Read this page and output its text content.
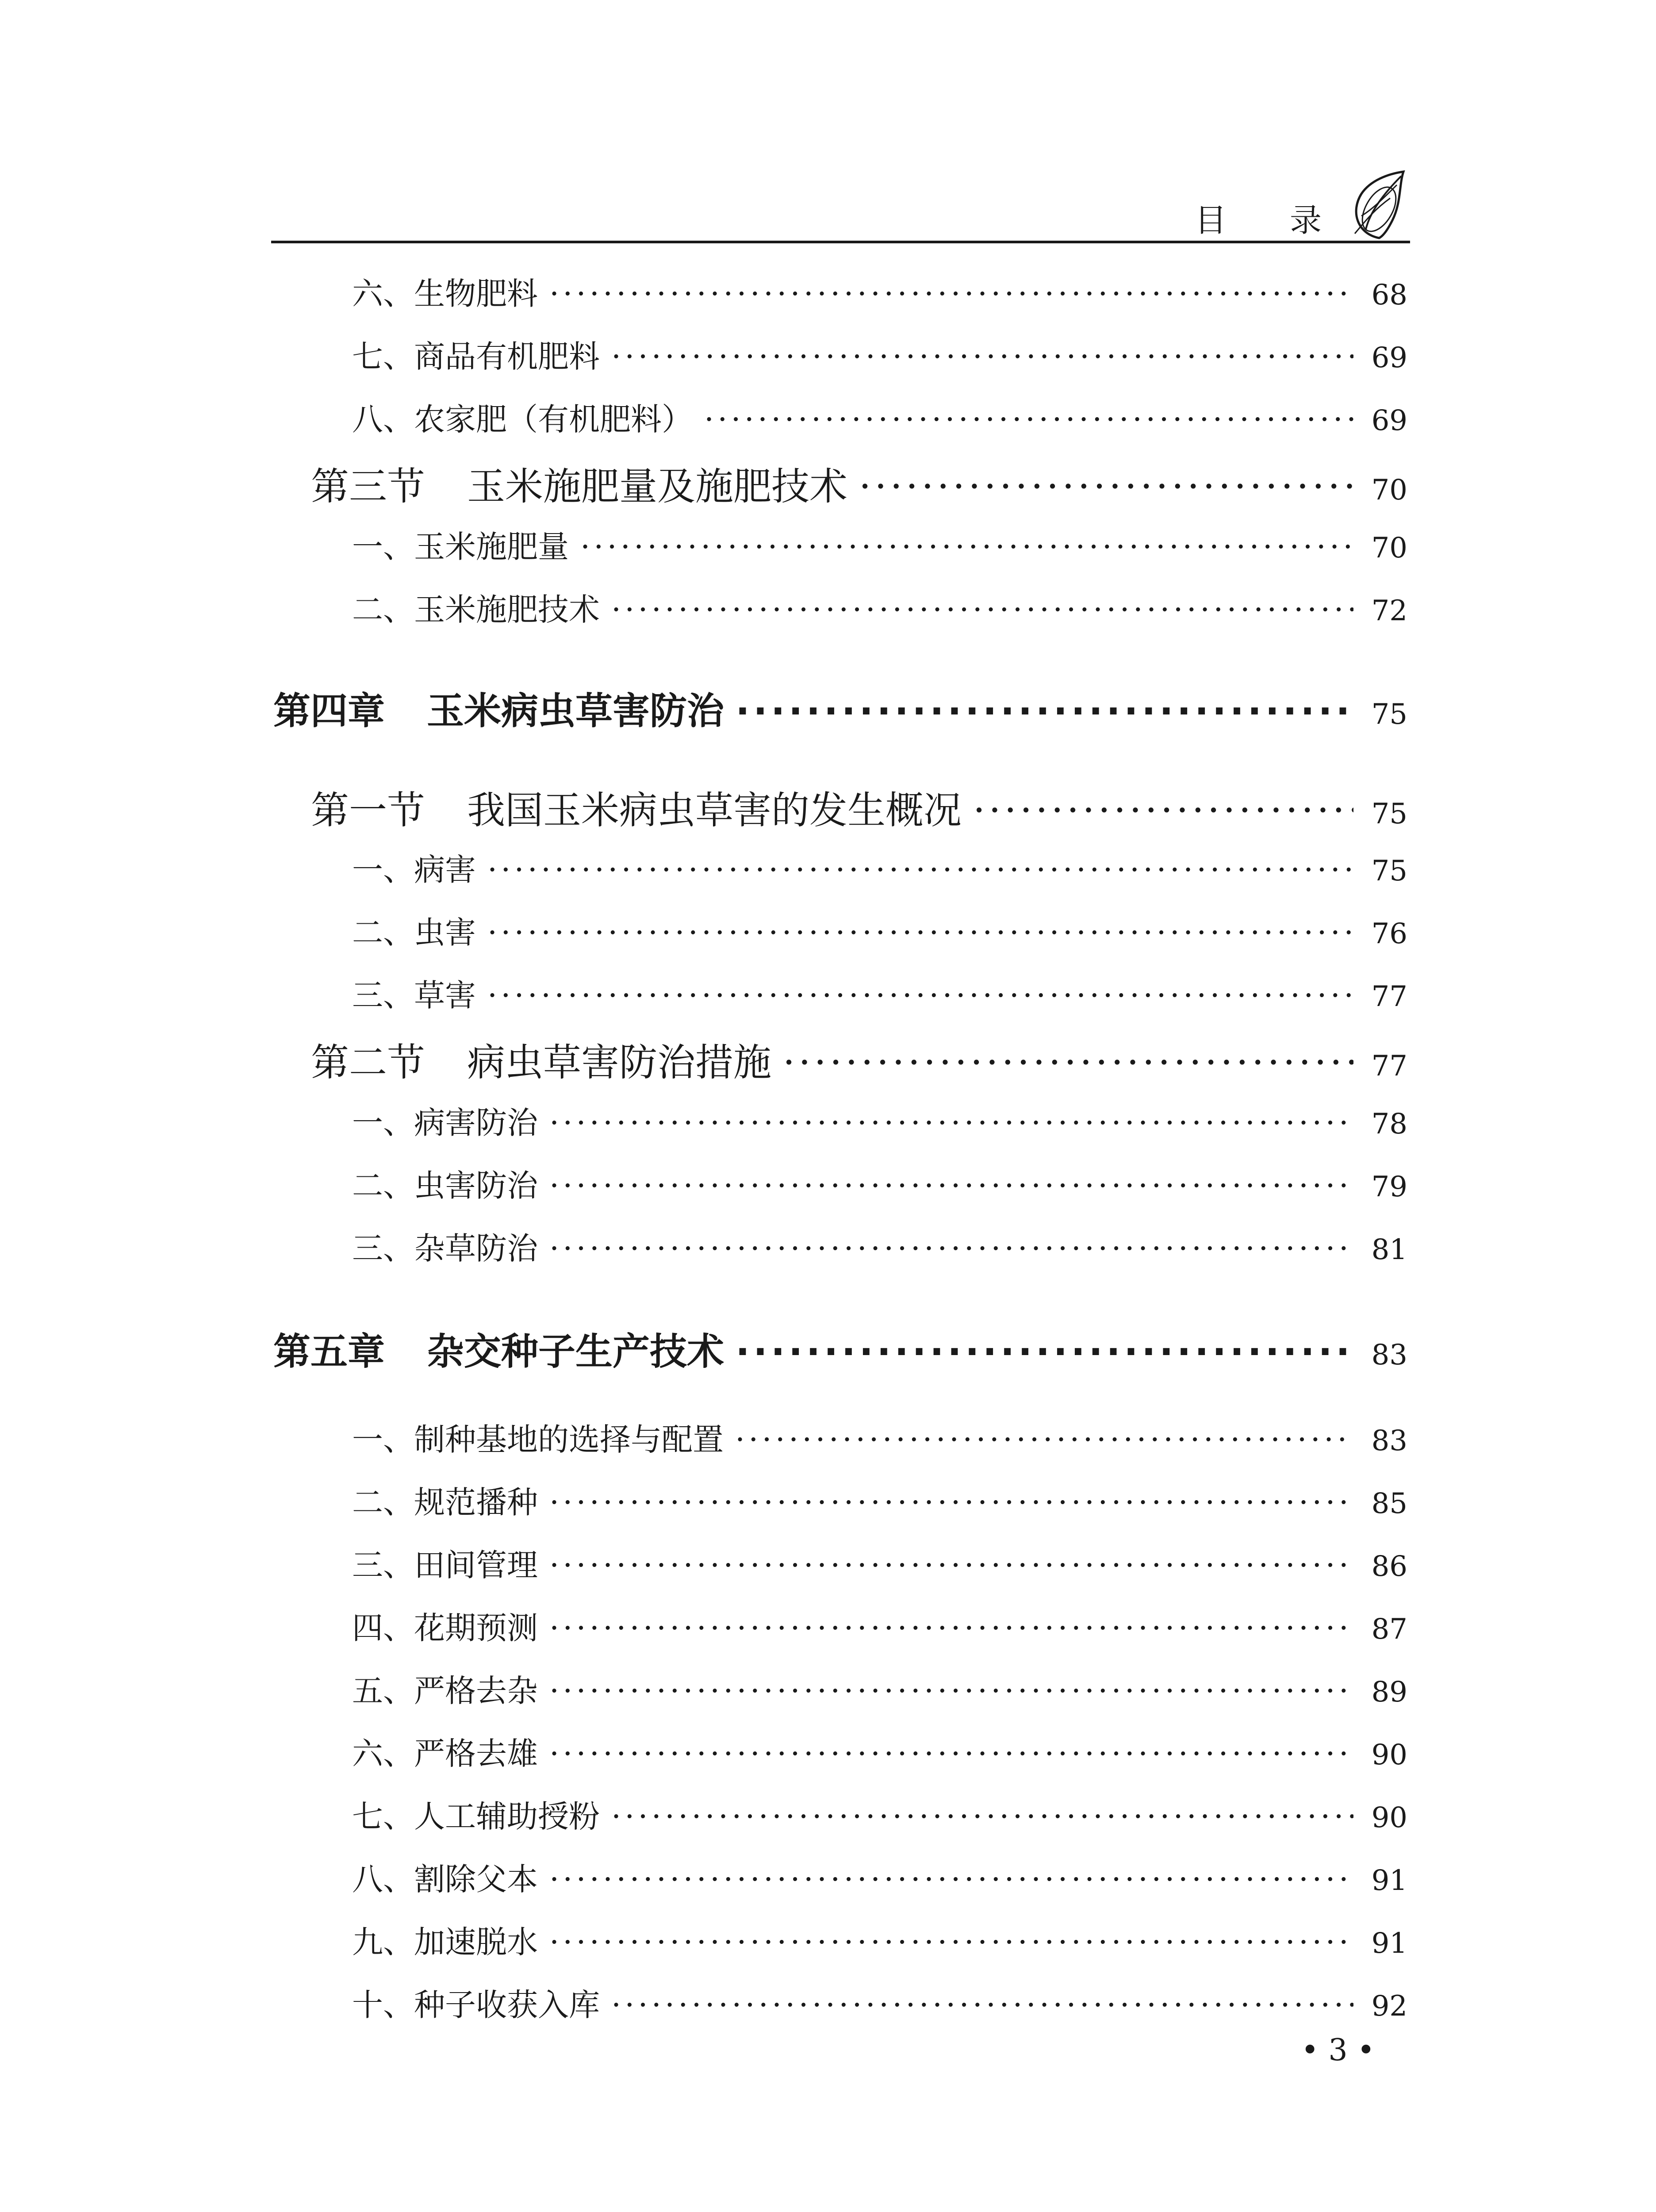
目 录
六、生物肥料 ·····	68
七、商品有机肥料 ·····	69
八、农家肥（有机肥料） ·····	69
第三节 玉米施肥量及施肥技术 ·····	70
一、玉米施肥量 ·····	70
二、玉米施肥技术 ·····	72
第四章 玉米病虫草害防治 ·····	75
第一节 我国玉米病虫草害的发生概况 ·····	75
一、病害 ·····	75
二、虫害 ·····	76
三、草害 ·····	77
第二节 病虫草害防治措施 ·····	77
一、病害防治 ·····	78
二、虫害防治 ·····	79
三、杂草防治 ·····	81
第五章 杂交种子生产技术 ·····	83
一、制种基地的选择与配置 ·····	83
二、规范播种 ·····	85
三、田间管理 ·····	86
四、花期预测 ·····	87
五、严格去杂 ·····	89
六、严格去雄 ·····	90
七、人工辅助授粉 ·····	90
八、割除父本 ·····	91
九、加速脱水 ·····	91
十、种子收获入库 ·····	92
• 3 •
